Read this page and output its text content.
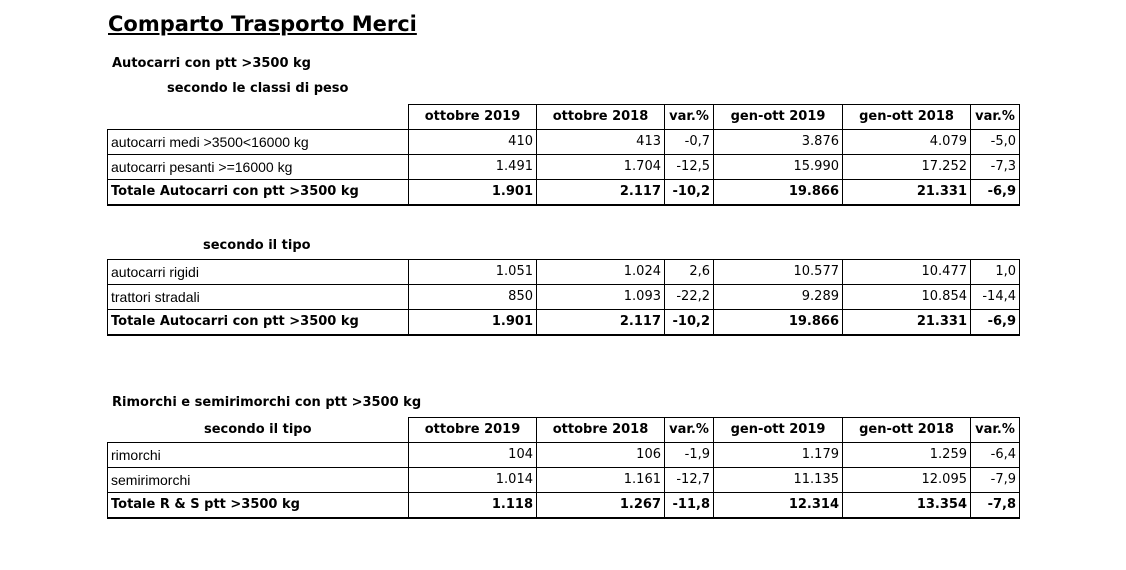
Comparto Trasporto Merci
Autocarri con ptt >3500 kg
secondo le classi di peso
	ottobre 2019	ottobre 2018	var.%	gen-ott 2019	gen-ott 2018	var.%
autocarri medi >3500<16000 kg	410	413	-0,7	3.876	4.079	-5,0
autocarri pesanti >=16000 kg	1.491	1.704	-12,5	15.990	17.252	-7,3
Totale Autocarri con ptt >3500 kg	1.901	2.117	-10,2	19.866	21.331	-6,9
secondo il tipo
autocarri rigidi	1.051	1.024	2,6	10.577	10.477	1,0
trattori stradali	850	1.093	-22,2	9.289	10.854	-14,4
Totale Autocarri con ptt >3500 kg	1.901	2.117	-10,2	19.866	21.331	-6,9
Rimorchi e semirimorchi con ptt >3500 kg
secondo il tipo	ottobre 2019	ottobre 2018	var.%	gen-ott 2019	gen-ott 2018	var.%
rimorchi	104	106	-1,9	1.179	1.259	-6,4
semirimorchi	1.014	1.161	-12,7	11.135	12.095	-7,9
Totale R & S ptt >3500 kg	1.118	1.267	-11,8	12.314	13.354	-7,8
